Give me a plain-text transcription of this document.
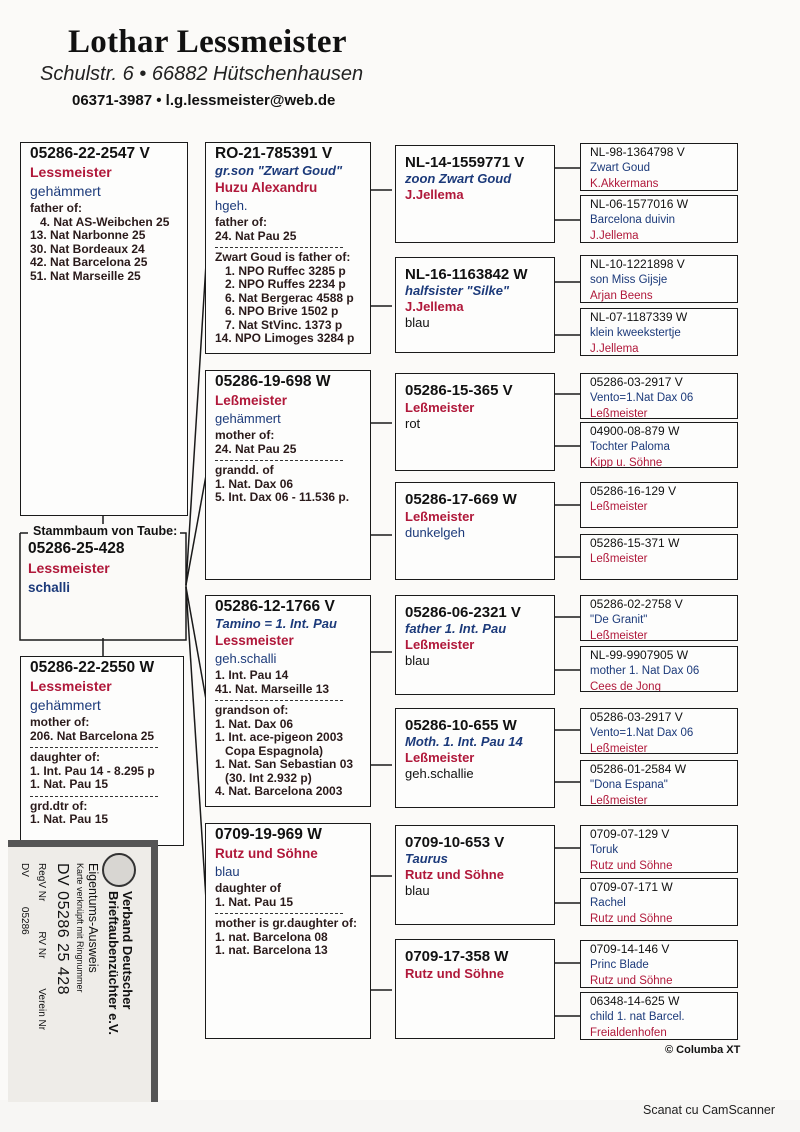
Lothar Lessmeister
Schulstr. 6 • 66882 Hütschenhausen
06371-3987 • l.g.lessmeister@web.de
05286-22-2547 V
Lessmeister
gehämmert
father of:
4. Nat AS-Weibchen 25
13. Nat Narbonne 25
30. Nat Bordeaux 24
42. Nat Barcelona 25
51. Nat Marseille 25
Stammbaum von Taube:
05286-25-428
Lessmeister
schalli
05286-22-2550 W
Lessmeister
gehämmert
mother of:
206. Nat Barcelona 25
daughter of:
1. Int. Pau 14 - 8.295 p
1. Nat. Pau 15
grd.dtr of:
1. Nat. Pau 15
RO-21-785391 V
gr.son "Zwart Goud"
Huzu Alexandru
hgeh.
father of:
24. Nat Pau 25
Zwart Goud is father of:
1. NPO Ruffec 3285 p
2. NPO Ruffes 2234 p
6. Nat Bergerac 4588 p
6. NPO Brive 1502 p
7. Nat StVinc. 1373 p
14. NPO Limoges 3284 p
05286-19-698 W
Leßmeister
gehämmert
mother of:
24. Nat Pau 25
grandd. of
1. Nat. Dax 06
5. Int. Dax 06 - 11.536 p.
05286-12-1766 V
Tamino = 1. Int. Pau
Lessmeister
geh.schalli
1. Int. Pau 14
41. Nat. Marseille 13
grandson of:
1. Nat. Dax 06
1. Int. ace-pigeon 2003
Copa Espagnola)
1. Nat. San Sebastian 03
(30. Int 2.932 p)
4. Nat. Barcelona 2003
0709-19-969 W
Rutz und Söhne
blau
daughter of
1. Nat. Pau 15
mother is gr.daughter of:
1. nat. Barcelona 08
1. nat. Barcelona 13
NL-14-1559771 V
zoon Zwart Goud
J.Jellema
NL-16-1163842 W
halfsister "Silke"
J.Jellema
blau
05286-15-365 V
Leßmeister
rot
05286-17-669 W
Leßmeister
dunkelgeh
05286-06-2321 V
father 1. Int. Pau
Leßmeister
blau
05286-10-655 W
Moth. 1. Int. Pau 14
Leßmeister
geh.schallie
0709-10-653 V
Taurus
Rutz und Söhne
blau
0709-17-358 W
Rutz und Söhne
NL-98-1364798 V
Zwart Goud
K.Akkermans
NL-06-1577016 W
Barcelona duivin
J.Jellema
NL-10-1221898 V
son Miss Gijsje
Arjan Beens
NL-07-1187339 W
klein kweekstertje
J.Jellema
05286-03-2917 V
Vento=1.Nat Dax 06
Leßmeister
04900-08-879 W
Tochter Paloma
Kipp u. Söhne
05286-16-129 V
Leßmeister
05286-15-371 W
Leßmeister
05286-02-2758 V
"De Granit"
Leßmeister
NL-99-9907905 W
mother 1. Nat Dax 06
Cees de Jong
05286-03-2917 V
Vento=1.Nat Dax 06
Leßmeister
05286-01-2584 W
"Dona Espana"
Leßmeister
0709-07-129 V
Toruk
Rutz und Söhne
0709-07-171 W
Rachel
Rutz und Söhne
0709-14-146 V
Princ Blade
Rutz und Söhne
06348-14-625 W
child 1. nat Barcel.
Freialdenhofen
Verband Deutscher
Brieftaubenzüchter e.V.
Eigentums-Ausweis
Karte verknüpft mit Ringnummer
DV 05286 25 428
RegV Nr
RV Nr
Verein Nr
DV
05286
© Columba XT
Scanat cu CamScanner
